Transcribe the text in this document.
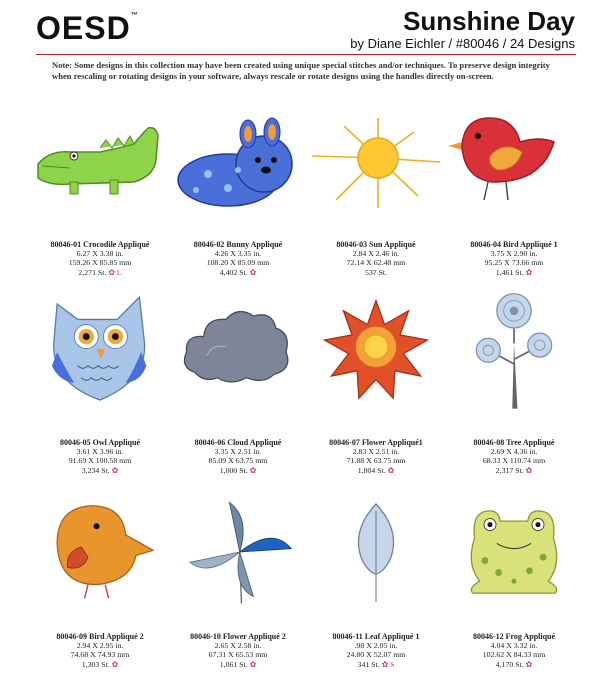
OESD™	Sunshine Day
by Diane Eichler / #80046 / 24 Designs
Note: Some designs in this collection may have been created using unique special stitches and/or techniques. To preserve design integrity when rescaling or rotating designs in your software, always rescale or rotate designs using the handles directly on-screen.
80046-01 Crocodile Appliqué
6.27 X 3.38 in.
159.26 X 85.85 mm
2,271 St. ✿ L
80046-02 Bunny Appliqué
4.26 X 3.35 in.
108.20 X 85.09 mm
4,402 St. ✿
80046-03 Sun Appliqué
2.84 X 2.46 in.
72.14 X 62.48 mm
537 St.
80046-04 Bird Appliqué 1
3.75 X 2.90 in.
95.25 X 73.66 mm
1,461 St. ✿
80046-05 Owl Appliqué
3.61 X 3.96 in.
91.69 X 100.58 mm
3,234 St. ✿
80046-06 Cloud Appliqué
3.35 X 2.51 in.
85.09 X 63.75 mm
1,000 St. ✿
80046-07 Flower Appliqué1
2.83 X 2.51 in.
71.88 X 63.75 mm
1,804 St. ✿
80046-08 Tree Appliqué
2.69 X 4.36 in.
68.33 X 110.74 mm
2,317 St. ✿
80046-09 Bird Appliqué 2
2.94 X 2.95 in.
74.68 X 74.93 mm
1,303 St. ✿
80046-10 Flower Appliqué 2
2.65 X 2.58 in.
67.31 X 65.53 mm
1,061 St. ✿
80046-11 Leaf Appliqué 1
.98 X 2.05 in.
24.80 X 52.07 mm
341 St. ✿ S
80046-12 Frog Appliqué
4.04 X 3.32 in.
102.62 X 84.33 mm
4,170 St. ✿
